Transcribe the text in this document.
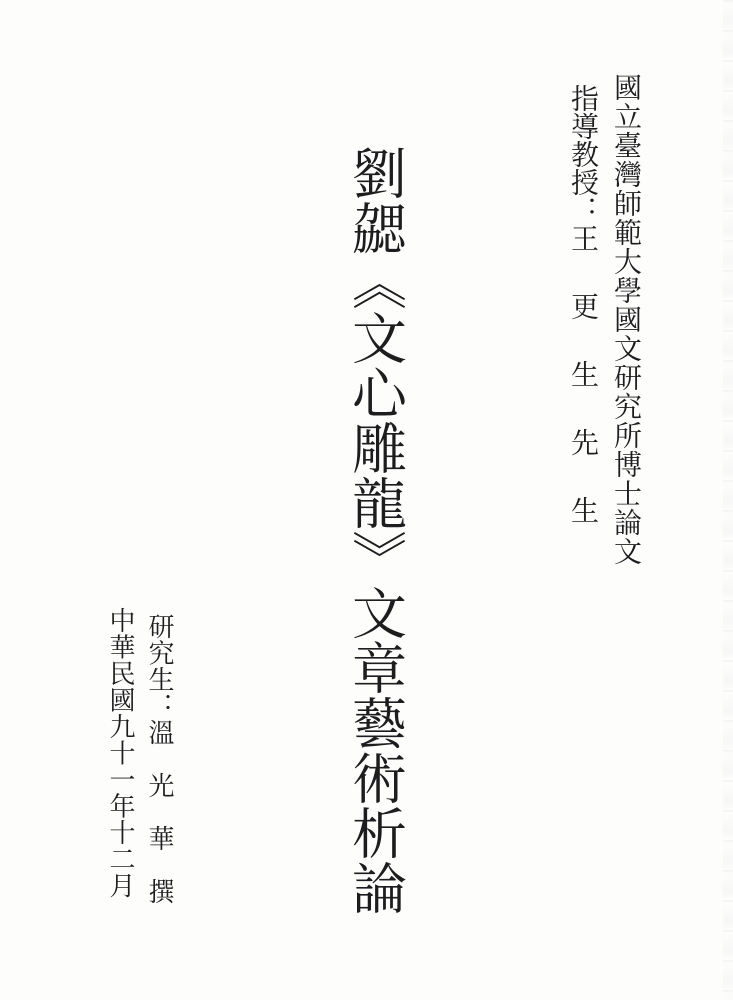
國立臺灣師範大學國文研究所博士論文
指導教授：王　更　生　先　生
劉勰《文心雕龍》文章藝術析論
研究生：溫　光　華　撰
中華民國九十一年十二月
